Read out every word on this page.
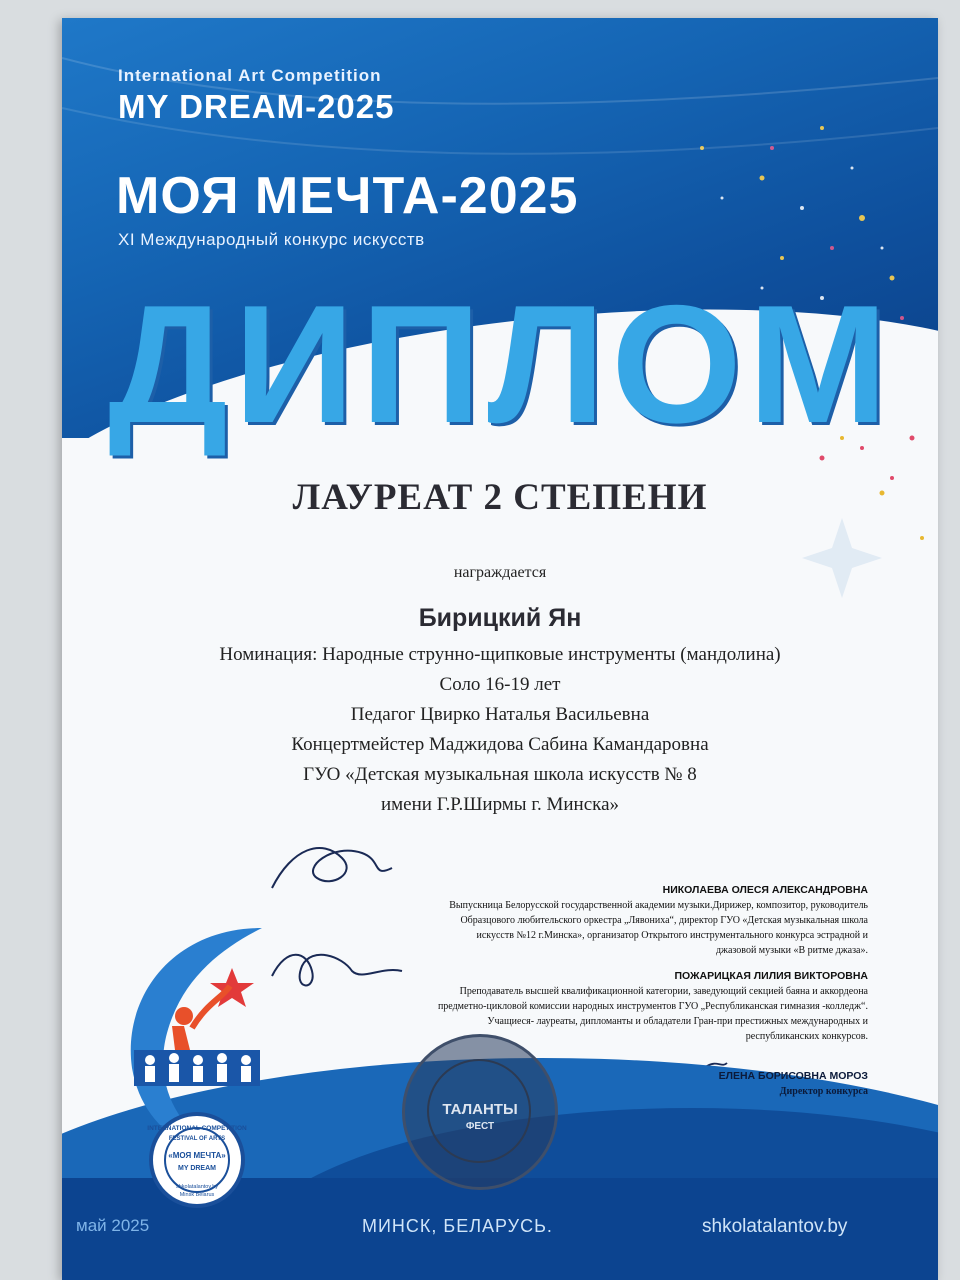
International Art Competition
MY DREAM-2025
МОЯ МЕЧТА-2025
XI Международный конкурс искусств
ДИПЛОМ
ЛАУРЕАТ 2 СТЕПЕНИ
награждается
Бирицкий Ян
Номинация: Народные струнно-щипковые инструменты (мандолина)
Соло 16-19 лет
Педагог Цвирко Наталья Васильевна
Концертмейстер Маджидова Сабина Камандаровна
ГУО «Детская музыкальная школа искусств № 8
имени Г.Р.Ширмы г. Минска»
НИКОЛАЕВА ОЛЕСЯ АЛЕКСАНДРОВНА
Выпускница Белорусской государственной академии музыки.Дирижер, композитор, руководитель
Образцового любительского оркестра „Лявониха“, директор ГУО «Детская музыкальная школа
искусств №12 г.Минска», организатор Открытого инструментального конкурса эстрадной и
джазовой музыки «В ритме джаза».
ПОЖАРИЦКАЯ ЛИЛИЯ ВИКТОРОВНА
Преподаватель высшей квалификационной категории, заведующий секцией баяна и аккордеона
предметно-цикловой комиссии народных инструментов ГУО „Республиканская гимназия -колледж“.
Учащиеся- лауреаты, дипломанты и обладатели Гран-при престижных международных и
республиканских конкурсов.
ЕЛЕНА БОРИСОВНА МОРОЗ
Директор конкурса
ТАЛАНТЫ
ФЕСТ
INTERNATIONAL COMPETITION
FESTIVAL OF ARTS
«МОЯ МЕЧТА»
MY DREAM
shkolatalantov.by
Minsk Belarus
май 2025	МИНСК, БЕЛАРУСЬ.	shkolatalantov.by
